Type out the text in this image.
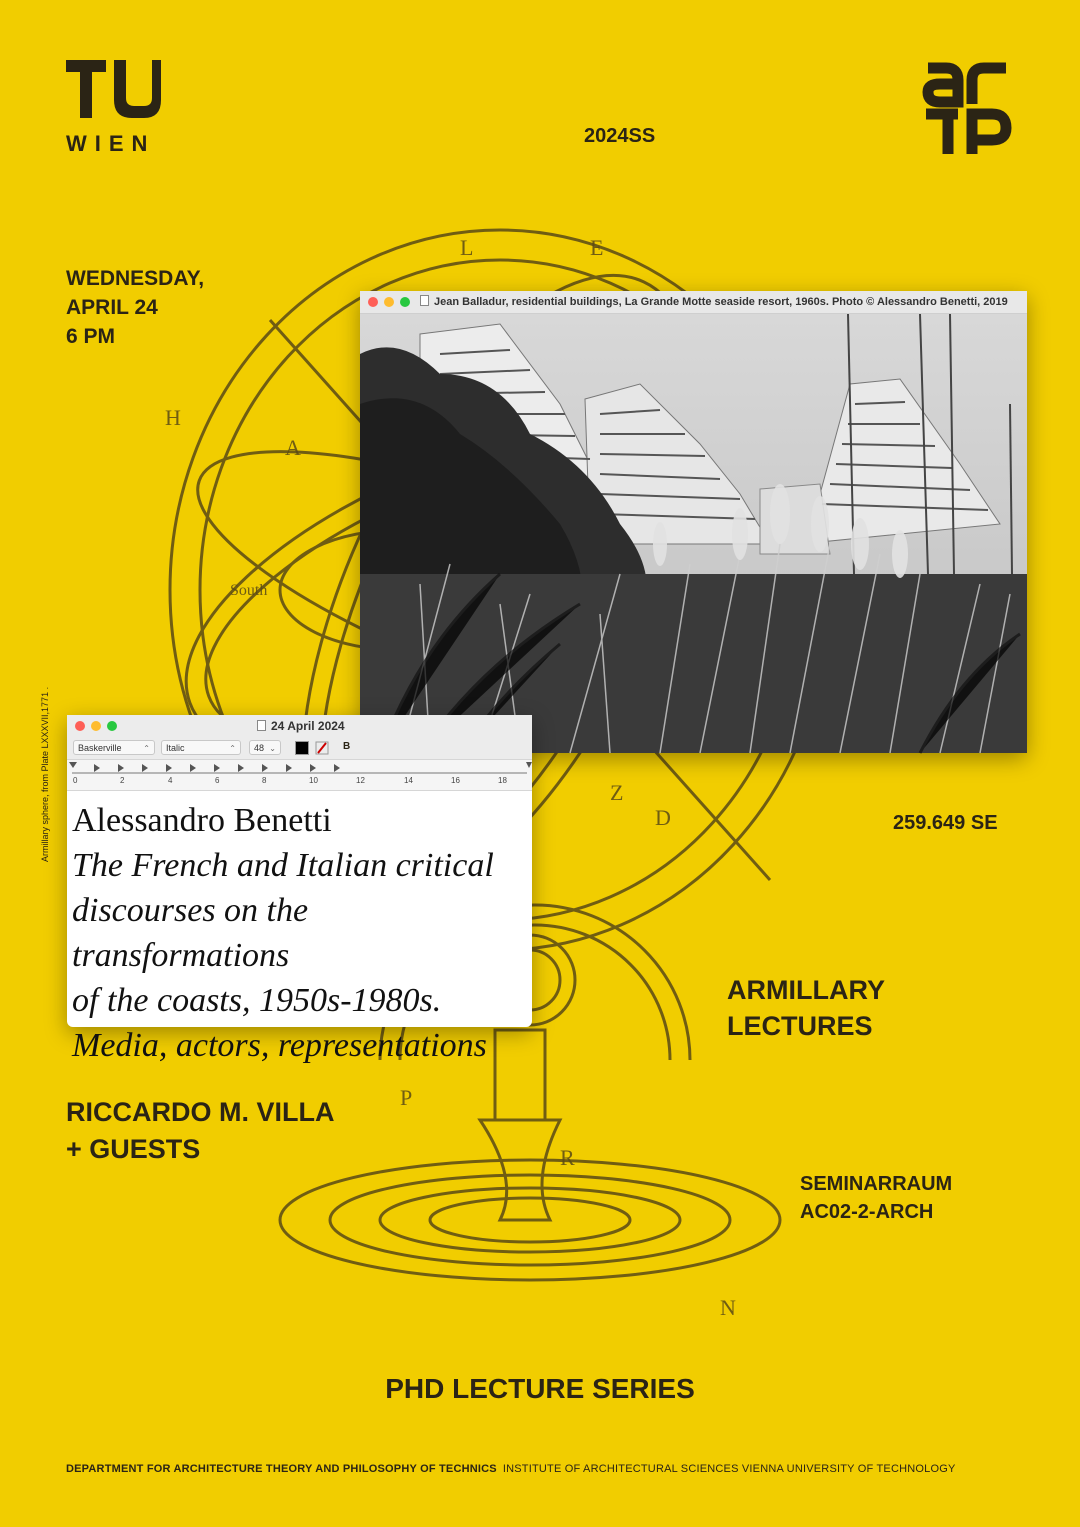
H
A
L	E
Z
D
P
R
N
South
WIEN	2024SS
WEDNESDAY,
APRIL 24
6 PM
Armillary sphere, from Plate LXXXVII,1771 .
Jean Balladur, residential buildings, La Grande Motte seaside resort, 1960s. Photo © Alessandro Benetti, 2019
24 April 2024
Baskerville	⌃	Italic	⌃	48 ⌄	B
0	2	4	6	8	10	12	14	16	18
Alessandro Benetti
The French and Italian critical
discourses on the transformations
of the coasts, 1950s-1980s.
Media, actors, representations
259.649 SE
ARMILLARY
LECTURES
RICCARDO M. VILLA
+ GUESTS
SEMINARRAUM
AC02-2-ARCH
PHD LECTURE SERIES
DEPARTMENT FOR ARCHITECTURE THEORY AND PHILOSOPHY OF TECHNICS INSTITUTE OF ARCHITECTURAL SCIENCES VIENNA UNIVERSITY OF TECHNOLOGY
